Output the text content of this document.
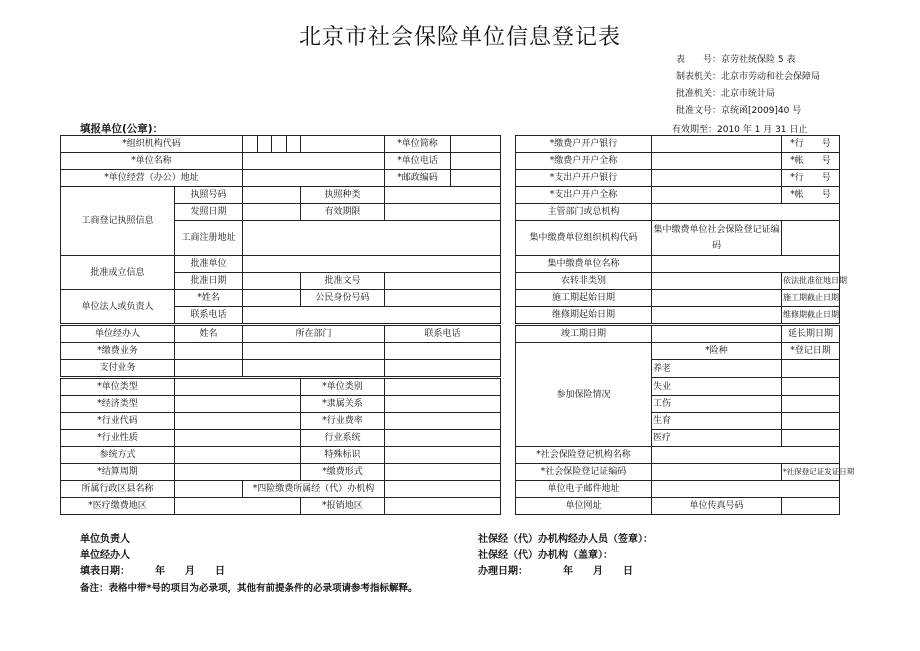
北京市社会保险单位信息登记表
表　　号：京劳社统保险 5 表
制表机关：北京市劳动和社会保障局
批准机关：北京市统计局
批准文号：京统函[2009]40 号
填报单位(公章)：	有效期至：2010 年 1 月 31 日止
*组织机构代码				*单位简称			*缴费户开户银行		*行　　号
*单位名称				*单位电话			*缴费户开户全称		*帐　　号
*单位经营（办公）地址				*邮政编码			*支出户开户银行		*行　　号
工商登记执照信息	执照号码		执照种类				*支出户开户全称		*帐　　号
	发照日期		有效期限				主管部门或总机构		
	工商注册地址						集中缴费单位组织机构代码	集中缴费单位社会保险登记证编码	
批准成立信息	批准单位						集中缴费单位名称		
	批准日期		批准文号				农转非类别		依法批准征地日期
单位法人或负责人	*姓名		公民身份号码				施工期起始日期		施工期截止日期
	联系电话						维修期起始日期		维修期截止日期
单位经办人	姓名	所在部门		联系电话			竣工期日期		延长期日期
*缴费业务							参加保险情况	*险种	*登记日期
支付业务								养老	
*单位类型			*单位类别					失业	
*经济类型			*隶属关系					工伤	
*行业代码			*行业费率					生育	
*行业性质			行业系统					医疗	
参统方式			特殊标识				*社会保险登记机构名称		
*结算周期			*缴费形式				*社会保险登记证编码		*社保登记证发证日期
所属行政区县名称		*四险缴费所属经（代）办机构					单位电子邮件地址		
*医疗缴费地区			*报销地区				单位网址	单位传真号码	
单位负责人
单位经办人
填表日期：　　　年　　月　　日
备注：表格中带*号的项目为必录项，其他有前提条件的必录项请参考指标解释。
社保经（代）办机构经办人员（签章）：
社保经（代）办机构（盖章）：
办理日期：　　　　年　　月　　日
